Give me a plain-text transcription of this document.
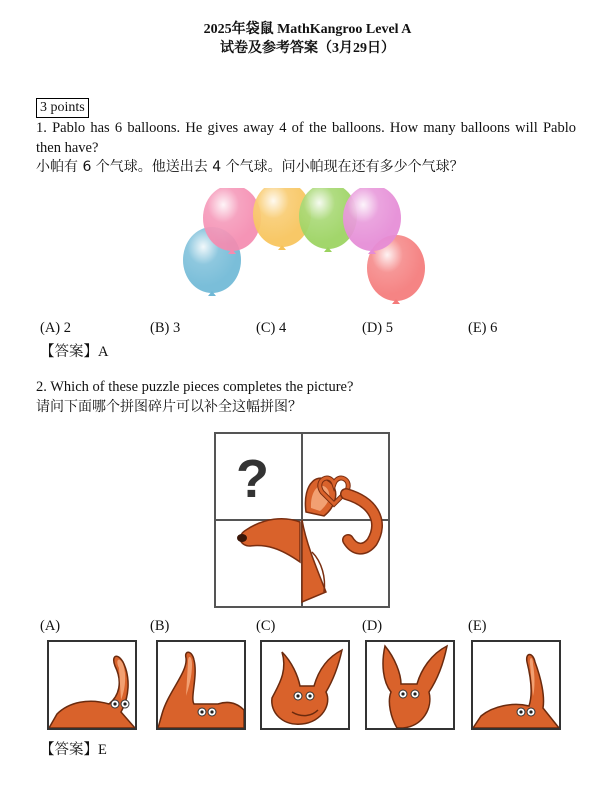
2025年袋鼠 MathKangroo Level A
试卷及参考答案（3月29日）
3 points
1. Pablo has 6 balloons. He gives away 4 of the balloons. How many balloons will Pablo then have?
小帕有 6 个气球。他送出去 4 个气球。问小帕现在还有多少个气球？
(A) 2	(B) 3	(C) 4	(D) 5	(E) 6
【答案】A
2. Which of these puzzle pieces completes the picture?
请问下面哪个拼图碎片可以补全这幅拼图？
?
(A)	(B)	(C)	(D)	(E)
【答案】E
